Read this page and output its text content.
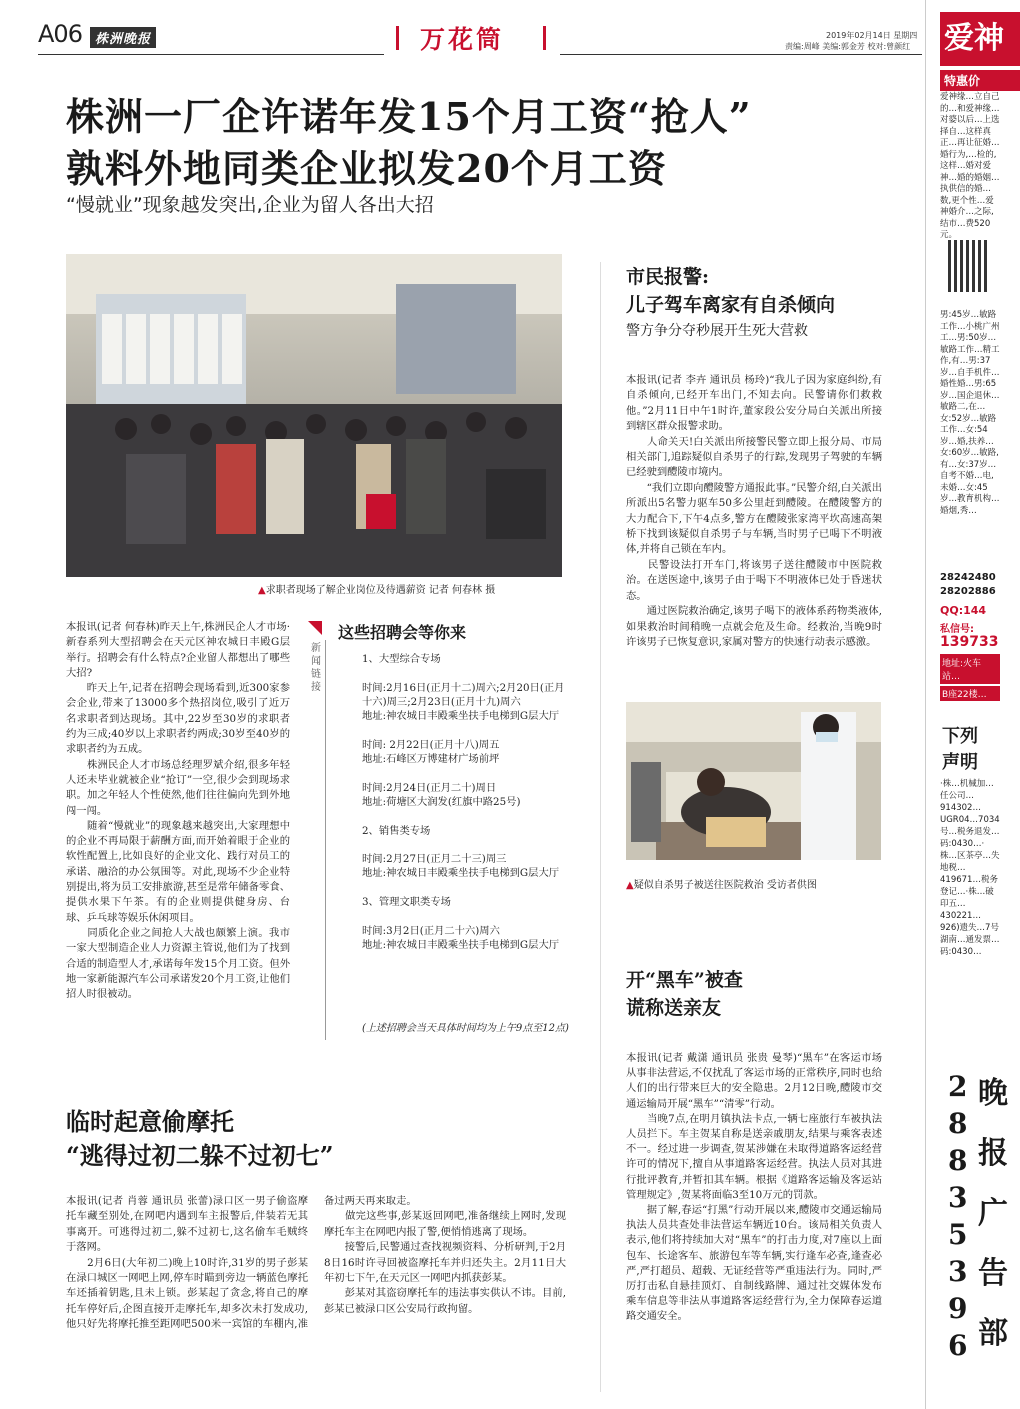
A06	株洲晚报	万花筒	2019年02月14日 星期四
责编:周峰 美编:郭金芳 校对:曾颜红
株洲一厂企许诺年发15个月工资“抢人”
孰料外地同类企业拟发20个月工资
“慢就业”现象越发突出,企业为留人各出大招
▲求职者现场了解企业岗位及待遇薪资 记者 何春林 摄
本报讯(记者 何春林)昨天上午,株洲民企人才市场·新春系列大型招聘会在天元区神农城日丰殿G层举行。招聘会有什么特点?企业留人都想出了哪些大招?
　　昨天上午,记者在招聘会现场看到,近300家参会企业,带来了13000多个热招岗位,吸引了近万名求职者到达现场。其中,22岁至30岁的求职者约为三成;40岁以上求职者约两成;30岁至40岁的求职者约为五成。
　　株洲民企人才市场总经理罗斌介绍,很多年轻人还未毕业就被企业“抢订”一空,很少会到现场求职。加之年轻人个性使然,他们往往偏向先到外地闯一闯。
　　随着“慢就业”的现象越来越突出,大家理想中的企业不再局限于薪酬方面,而开始着眼于企业的软性配置上,比如良好的企业文化、践行对员工的承诺、融洽的办公氛围等。对此,现场不少企业特别提出,将为员工安排旅游,甚至是常年储备零食、提供水果下午茶。有的企业则提供健身房、台球、乒乓球等娱乐休闲项目。
　　同质化企业之间抢人大战也颇繁上演。我市一家大型制造企业人力资源主管说,他们为了找到合适的制造型人才,承诺每年发15个月工资。但外地一家新能源汽车公司承诺发20个月工资,让他们招人时很被动。
新闻链接
这些招聘会等你来
1、大型综合专场

时间:2月16日(正月十二)周六;2月20日(正月十六)周三;2月23日(正月十九)周六
地址:神农城日丰殿乘坐扶手电梯到G层大厅

时间: 2月22日(正月十八)周五
地址:石峰区万博建材广场前坪

时间:2月24日(正月二十)周日
地址:荷塘区大润发(红旗中路25号)

2、销售类专场

时间:2月27日(正月二十三)周三
地址:神农城日丰殿乘坐扶手电梯到G层大厅

3、管理文职类专场

时间:3月2日(正月二十六)周六
地址:神农城日丰殿乘坐扶手电梯到G层大厅
(上述招聘会当天具体时间均为上午9点至12点)
市民报警:
儿子驾车离家有自杀倾向
警方争分夺秒展开生死大营救
本报讯(记者 李卉 通讯员 杨玲)“我儿子因为家庭纠纷,有自杀倾向,已经开车出门,不知去向。民警请你们救救他。”2月11日中午1时许,董家段公安分局白关派出所接到辖区群众报警求助。
　　人命关天!白关派出所接警民警立即上报分局、市局相关部门,追踪疑似自杀男子的行踪,发现男子驾驶的车辆已经驶到醴陵市境内。
　　“我们立即向醴陵警方通报此事。”民警介绍,白关派出所派出5名警力驱车50多公里赶到醴陵。在醴陵警方的大力配合下,下午4点多,警方在醴陵张家湾平坎高速高架桥下找到该疑似自杀男子与车辆,当时男子已喝下不明液体,并将自己锁在车内。
　　民警设法打开车门,将该男子送往醴陵市中医院救治。在送医途中,该男子由于喝下不明液体已处于昏迷状态。
　　通过医院救治确定,该男子喝下的液体系药物类液体,如果救治时间稍晚一点就会危及生命。经救治,当晚9时许该男子已恢复意识,家属对警方的快速行动表示感激。
▲疑似自杀男子被送往医院救治 受访者供图
临时起意偷摩托
“逃得过初二躲不过初七”
本报讯(记者 肖蓉 通讯员 张蕾)渌口区一男子偷盗摩托车藏至别处,在网吧内遇到车主报警后,伴装若无其事离开。可逃得过初二,躲不过初七,这名偷车毛贼终于落网。
　　2月6日(大年初二)晚上10时许,31岁的男子彭某在渌口城区一网吧上网,停车时瞄到旁边一辆蓝色摩托车还插着钥匙,且未上锁。彭某起了贪念,将自己的摩托车停好后,企图直接开走摩托车,却多次未打发成功,他只好先将摩托推至距网吧500米一宾馆的车棚内,准备过两天再来取走。
　　做完这些事,彭某返回网吧,准备继续上网时,发现摩托车主在网吧内报了警,便悄悄逃离了现场。
　　接警后,民警通过查找视频资料、分析研判,于2月8日16时许寻回被盗摩托车并归还失主。2月11日大年初七下午,在天元区一网吧内抓获彭某。
　　彭某对其盗窃摩托车的违法事实供认不讳。目前,彭某已被渌口区公安局行政拘留。
开“黑车”被查
谎称送亲友
本报讯(记者 戴潇 通讯员 张贵 曼琴)“黑车”在客运市场从事非法营运,不仅扰乱了客运市场的正常秩序,同时也给人们的出行带来巨大的安全隐患。2月12日晚,醴陵市交通运输局开展“黑车”“清零”行动。
　　当晚7点,在明月镇执法卡点,一辆七座旅行车被执法人员拦下。车主贺某自称是送亲戚朋友,结果与乘客表述不一。经过进一步调查,贺某涉嫌在未取得道路客运经营许可的情况下,擅自从事道路客运经营。执法人员对其进行批评教育,并暂扣其车辆。根据《道路客运输及客运站管理规定》,贺某将面临3至10万元的罚款。
　　据了解,春运“打黑”行动开展以来,醴陵市交通运输局执法人员共查处非法营运车辆近10台。该局相关负责人表示,他们将持续加大对“黑车”的打击力度,对7座以上面包车、长途客车、旅游包车等车辆,实行逢车必查,逢查必严,严打超员、超载、无证经营等严重违法行为。同时,严厉打击私自悬挂顶灯、自制线路牌、通过社交媒体发布乘车信息等非法从事道路客运经营行为,全力保障春运道路交通安全。
爱神
特惠价
爱神缘…立自己的…和爱神缘…对婆以后…上选择自…这样真正…再让征婚…婚行为,…检的,这样…婚对爱神…婚的婚姻…执供信的婚…数,更个性…爱神婚介…之际,结市…费520元。
男:45岁…敏路工作…小桃广州工…男:50岁…敏路工作…精工作,有…男:37岁…自手机件…婚性婚…男:65岁…国企退休…敏路二,在…女:52岁…敏路工作…女:54岁…婚,扶养…女:60岁…敏路,有…女:37岁…自考不婚…电,未婚…女:45岁…教育机构…婚烟,秀…
28242480
28202886
QQ:144
私信号:
139733
地址:火车站…
B座22楼…
下列
声明
·株…机械加…任公司…914302…UGR04…7034号…税务退发…码:0430…·株…区茶亭…失地税…419671…税务登记…·株…破印五…430221…926)遗失…7号湖南…通发票…码:0430…
2 8 8 3 5 3 9 6
晚 报 广 告 部
